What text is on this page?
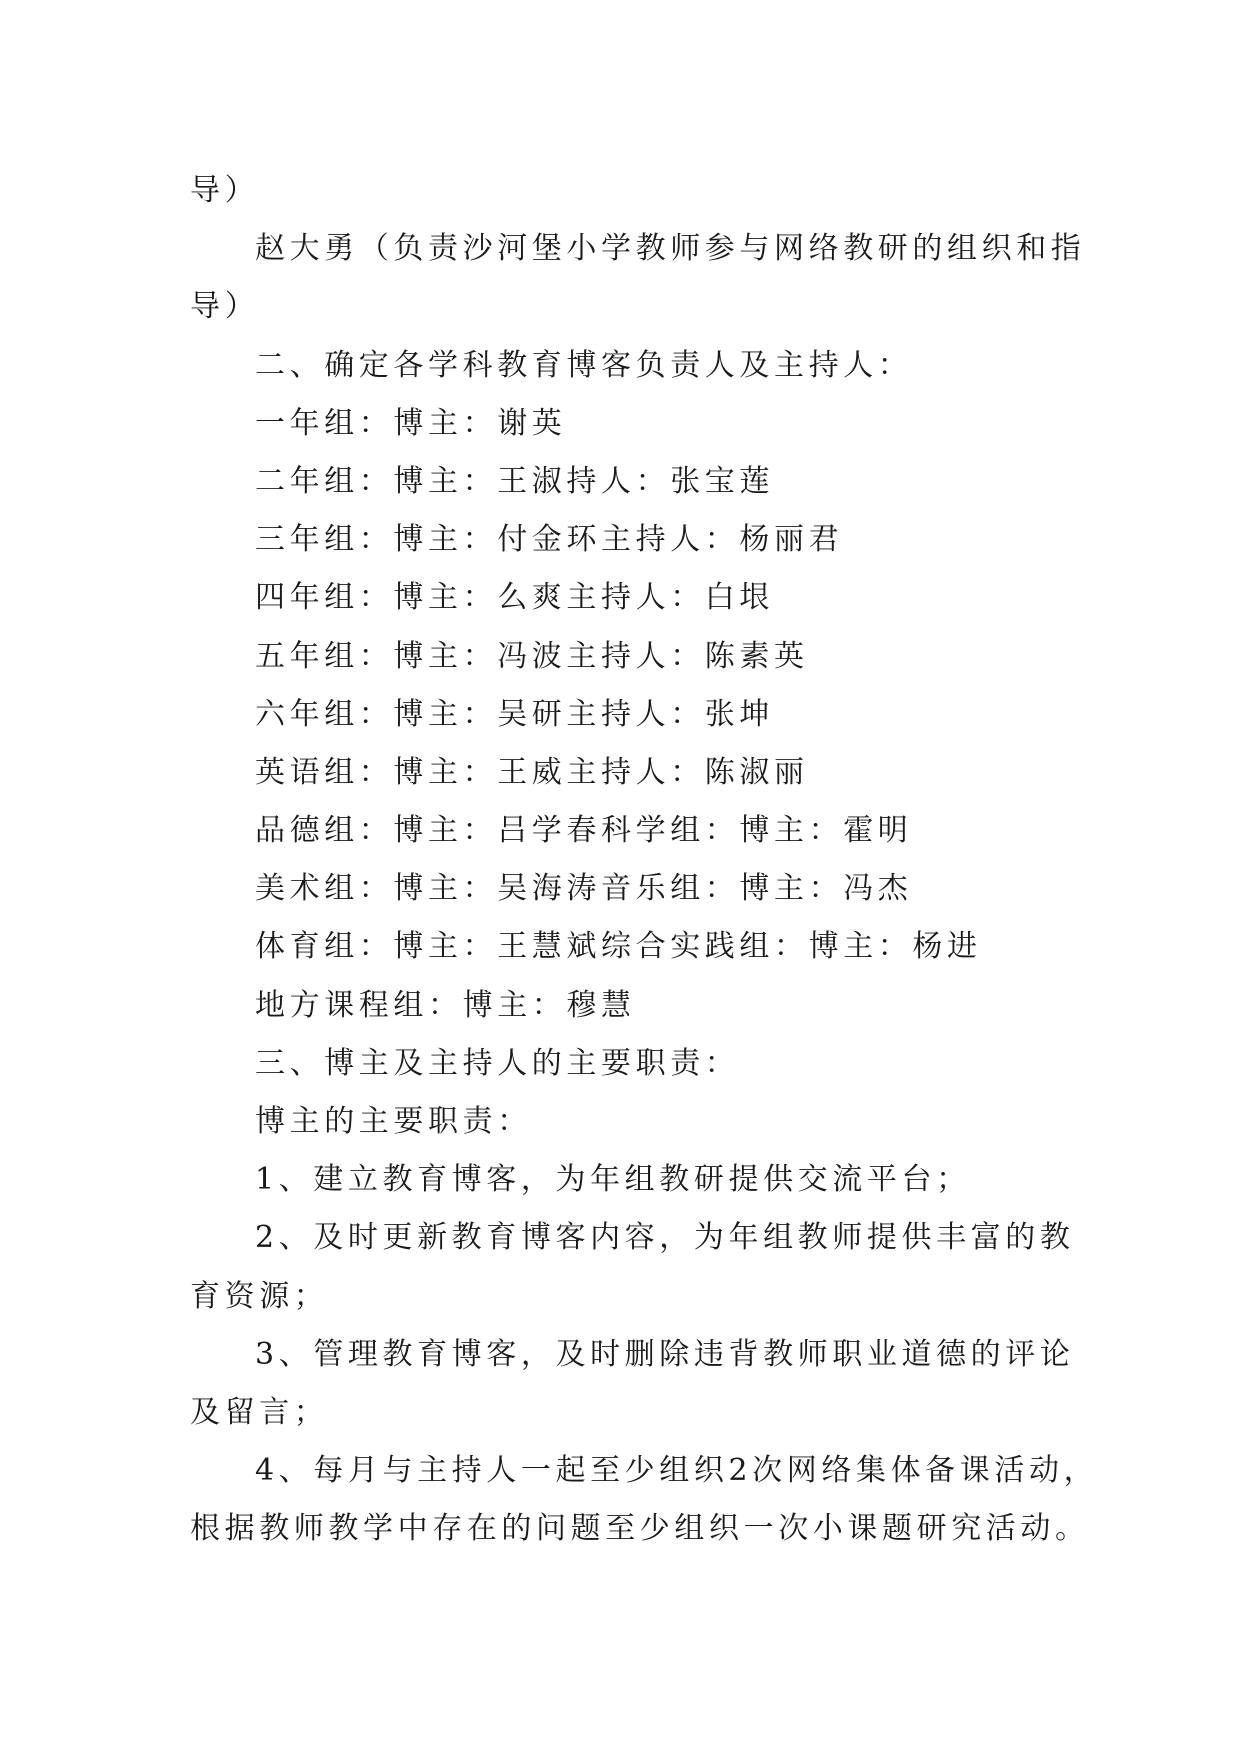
导）
赵大勇（负责沙河堡小学教师参与网络教研的组织和指
导）
二、确定各学科教育博客负责人及主持人：
一年组：博主：谢英
二年组：博主：王淑持人：张宝莲
三年组：博主：付金环主持人：杨丽君
四年组：博主：么爽主持人：白垠
五年组：博主：冯波主持人：陈素英
六年组：博主：吴研主持人：张坤
英语组：博主：王威主持人：陈淑丽
品德组：博主：吕学春科学组：博主：霍明
美术组：博主：吴海涛音乐组：博主：冯杰
体育组：博主：王慧斌综合实践组：博主：杨进
地方课程组：博主：穆慧
三、博主及主持人的主要职责：
博主的主要职责：
1、建立教育博客，为年组教研提供交流平台；
2、及时更新教育博客内容，为年组教师提供丰富的教
育资源；
3、管理教育博客，及时删除违背教师职业道德的评论
及留言；
4、每月与主持人一起至少组织2次网络集体备课活动，
根据教师教学中存在的问题至少组织一次小课题研究活动。
